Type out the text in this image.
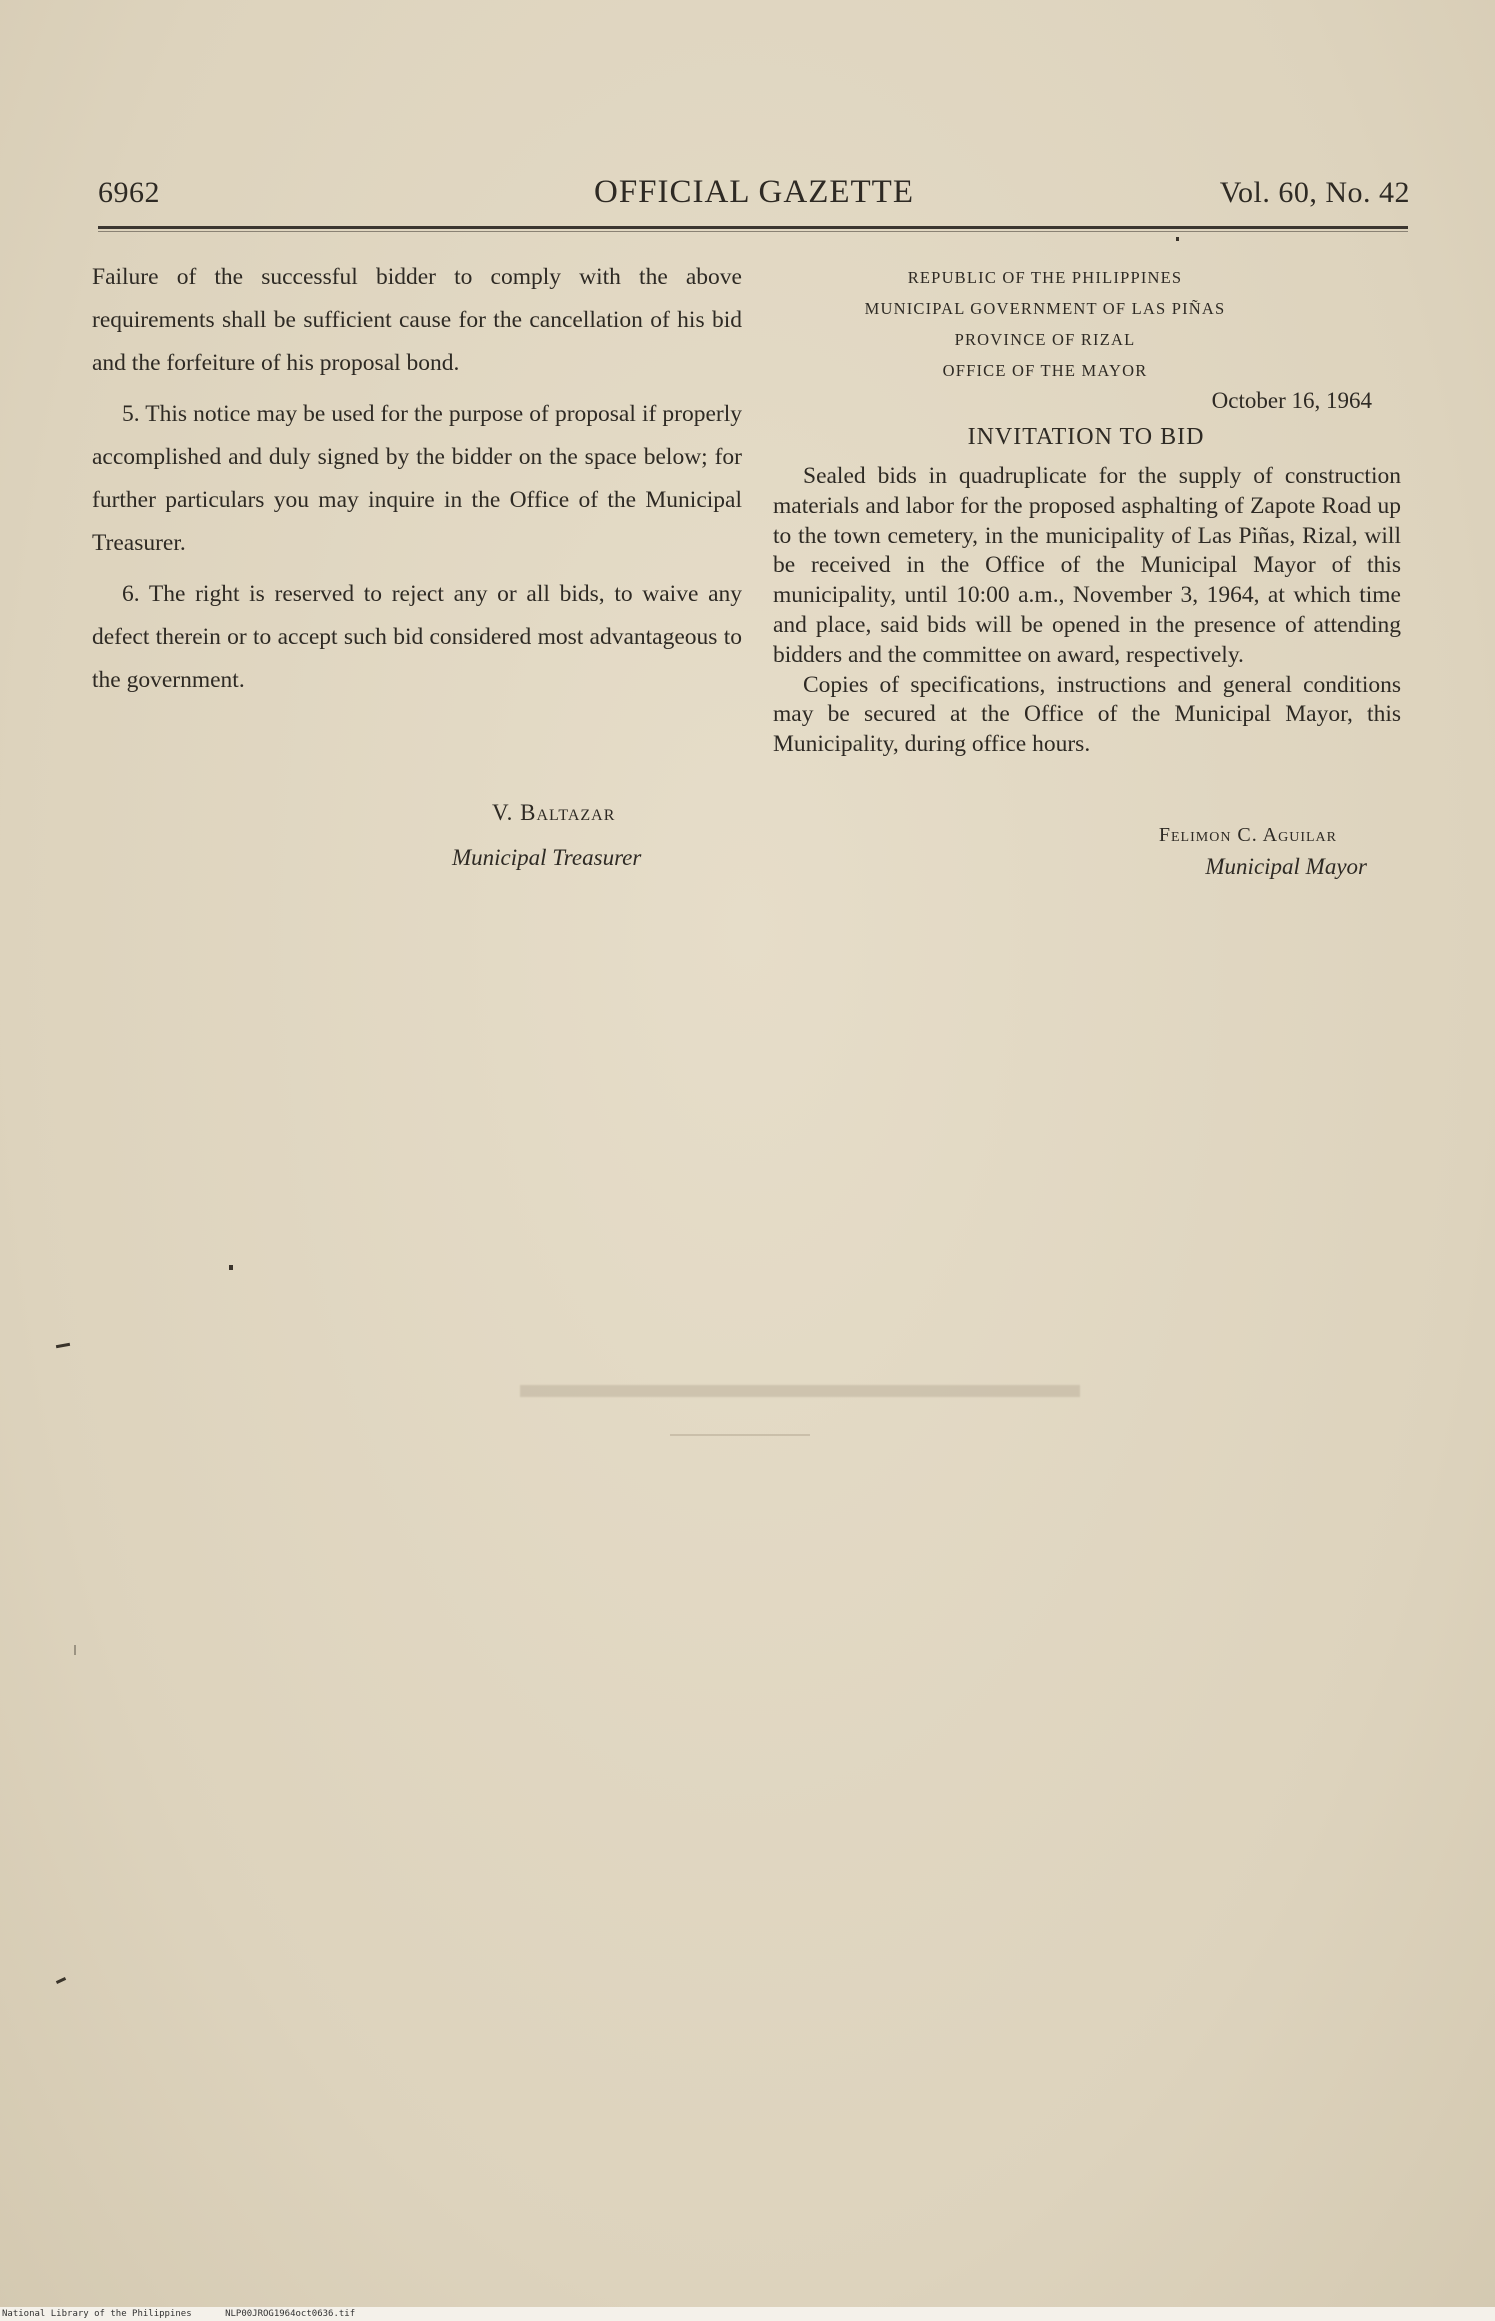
6962	OFFICIAL GAZETTE	Vol. 60, No. 42
▬▬▬▬▬▬▬▬▬▬▬▬▬▬

Failure of the successful bidder to comply with the above requirements shall be sufficient cause for the cancellation of his bid and the forfeiture of his proposal bond.

5. This notice may be used for the purpose of proposal if properly accomplished and duly signed by the bidder on the space below; for further particulars you may inquire in the Office of the Municipal Treasurer.

6. The right is reserved to reject any or all bids, to waive any defect therein or to accept such bid considered most advantageous to the government.

V. Baltazar
Municipal Treasurer
REPUBLIC OF THE PHILIPPINES
MUNICIPAL GOVERNMENT OF LAS PIÑAS
PROVINCE OF RIZAL
OFFICE OF THE MAYOR
October 16, 1964
INVITATION TO BID

Sealed bids in quadruplicate for the supply of construction materials and labor for the proposed asphalting of Zapote Road up to the town cemetery, in the municipality of Las Piñas, Rizal, will be received in the Office of the Municipal Mayor of this municipality, until 10:00 a.m., November 3, 1964, at which time and place, said bids will be opened in the presence of attending bidders and the committee on award, respectively.

Copies of specifications, instructions and general conditions may be secured at the Office of the Municipal Mayor, this Municipality, during office hours.

Felimon C. Aguilar
Municipal Mayor
National Library of the Philippines	NLP00JROG1964oct0636.tif
